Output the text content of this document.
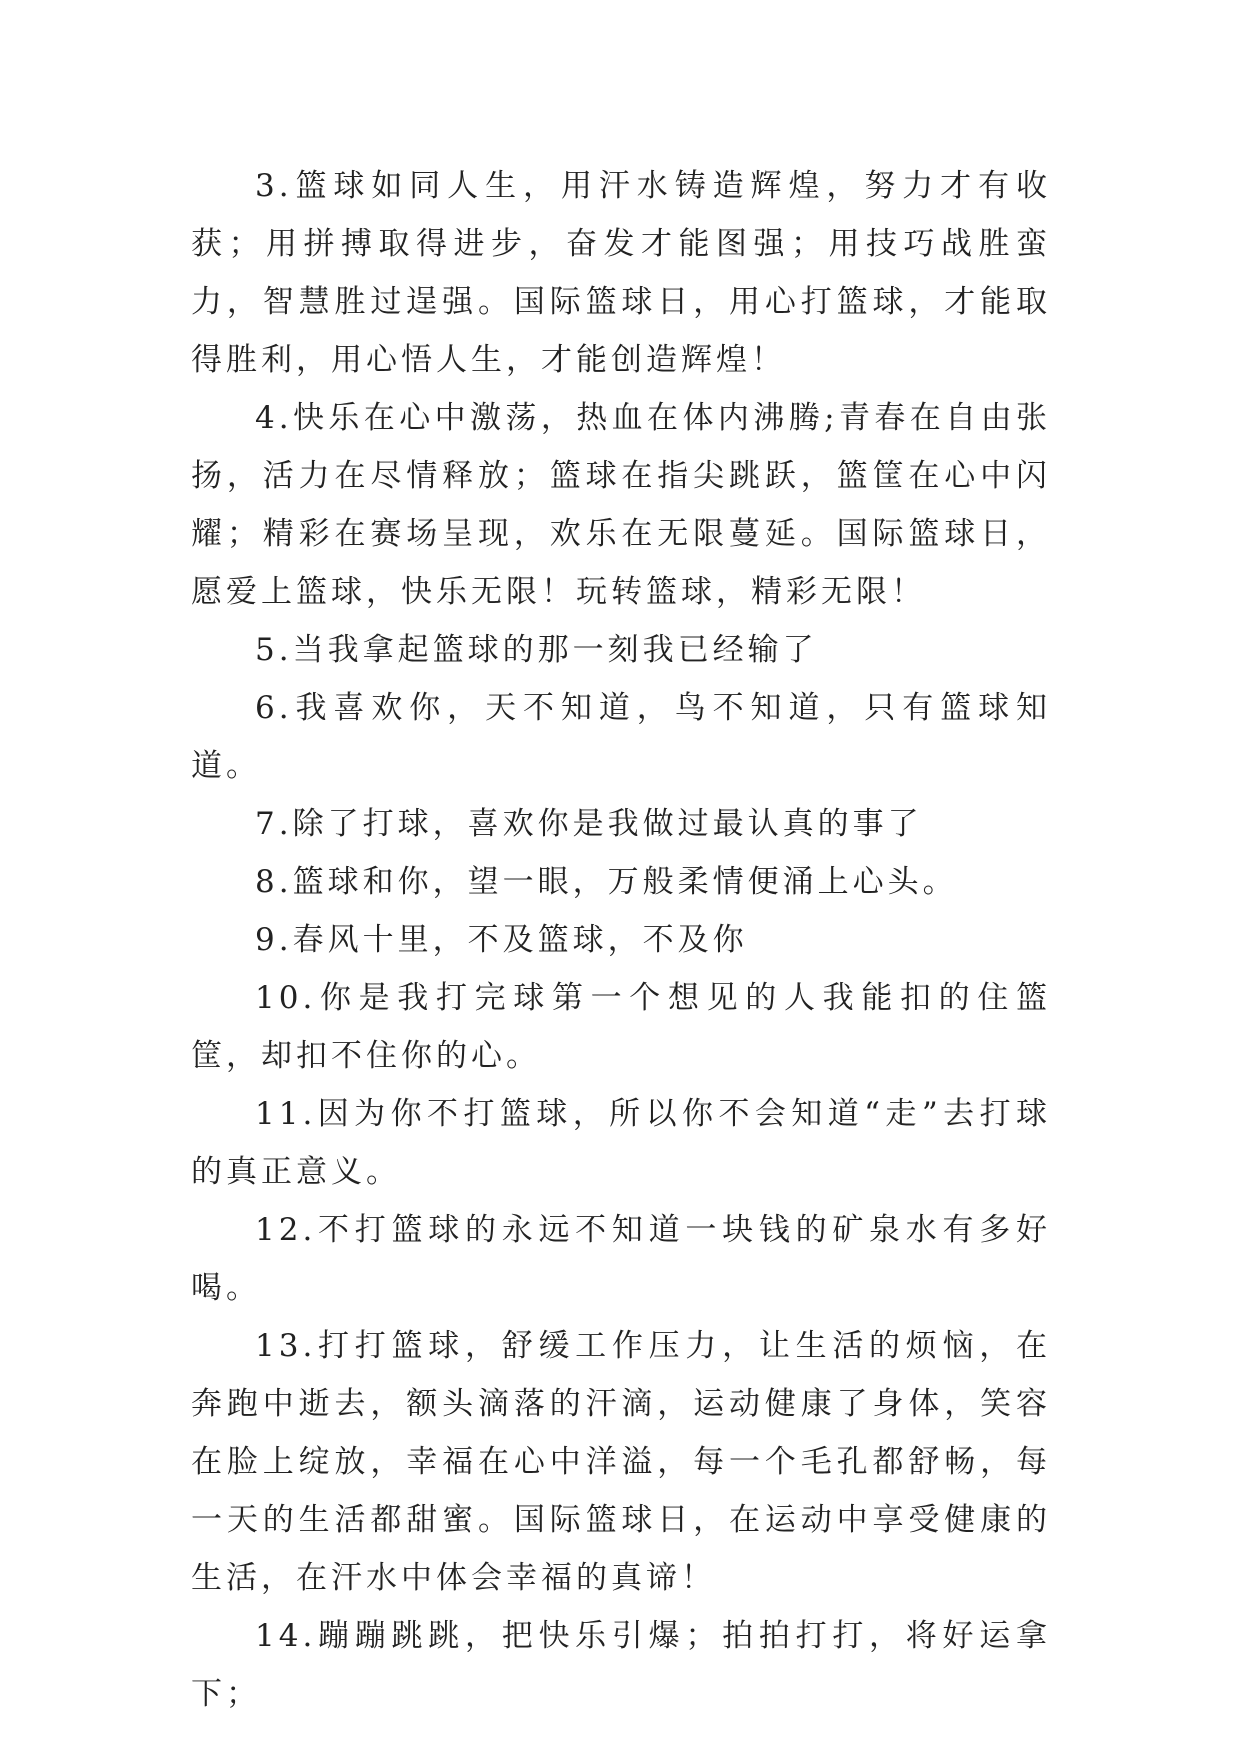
3.篮球如同人生，用汗水铸造辉煌，努力才有收获；用拼搏取得进步，奋发才能图强；用技巧战胜蛮力，智慧胜过逞强。国际篮球日，用心打篮球，才能取得胜利，用心悟人生，才能创造辉煌！

4.快乐在心中激荡，热血在体内沸腾;青春在自由张扬，活力在尽情释放；篮球在指尖跳跃，篮筐在心中闪耀；精彩在赛场呈现，欢乐在无限蔓延。国际篮球日，愿爱上篮球，快乐无限！玩转篮球，精彩无限！

5.当我拿起篮球的那一刻我已经输了

6.我喜欢你，天不知道，鸟不知道，只有篮球知道。

7.除了打球，喜欢你是我做过最认真的事了

8.篮球和你，望一眼，万般柔情便涌上心头。

9.春风十里，不及篮球，不及你

10.你是我打完球第一个想见的人我能扣的住篮筐，却扣不住你的心。

11.因为你不打篮球，所以你不会知道“走”去打球的真正意义。

12.不打篮球的永远不知道一块钱的矿泉水有多好喝。

13.打打篮球，舒缓工作压力，让生活的烦恼，在奔跑中逝去，额头滴落的汗滴，运动健康了身体，笑容在脸上绽放，幸福在心中洋溢，每一个毛孔都舒畅，每一天的生活都甜蜜。国际篮球日，在运动中享受健康的生活，在汗水中体会幸福的真谛！

14.蹦蹦跳跳，把快乐引爆；拍拍打打，将好运拿下；
